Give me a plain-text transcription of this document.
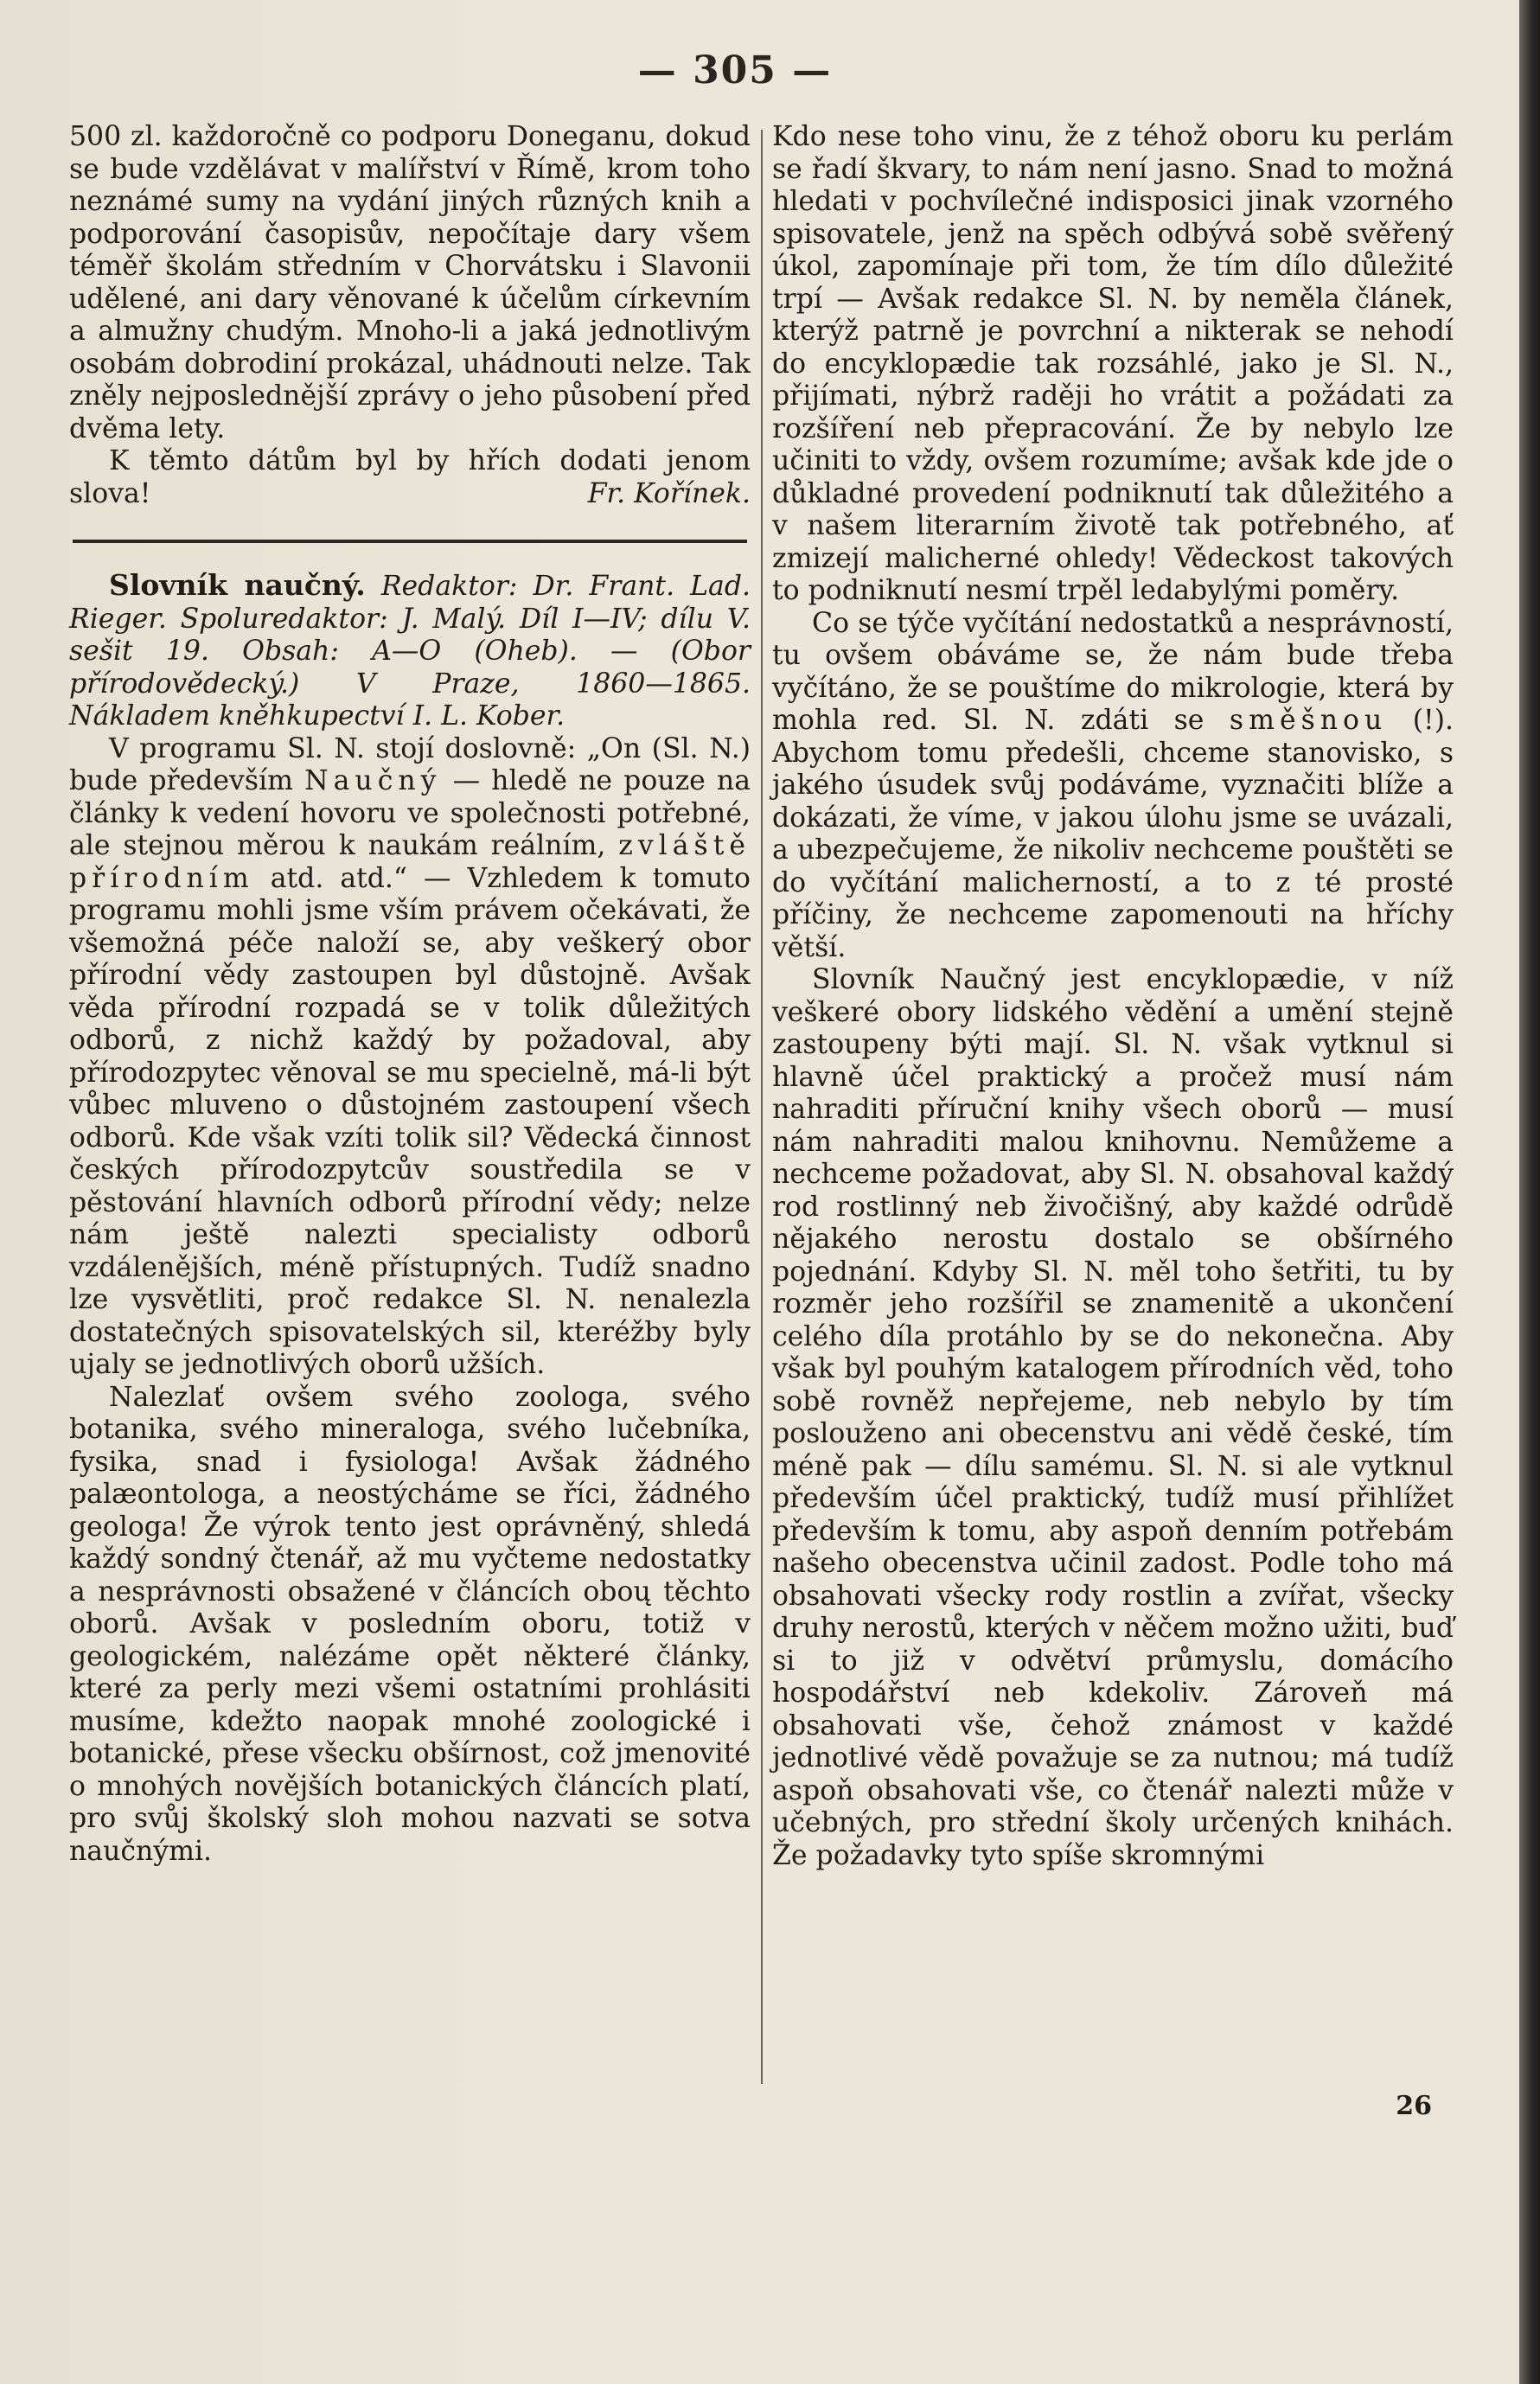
— 305 —

500 zl. každoročně co podporu Doneganu, dokud se bude vzdělávat v malířství v Římě, krom toho neznámé sumy na vydání jiných různých knih a podporování časopisův, nepočítaje dary všem téměř školám středním v Chorvátsku i Slavonii udělené, ani dary věnované k účelům církevním a almužny chudým. Mnoho-li a jaká jednotlivým osobám dobrodiní prokázal, uhádnouti nelze. Tak zněly nejposlednější zprávy o jeho působení před dvěma lety.

K těmto dátům byl by hřích dodati jenom slova!	Fr. Kořínek.

Slovník naučný. Redaktor: Dr. Frant. Lad. Rieger. Spoluredaktor: J. Malý. Díl I—IV; dílu V. sešit 19. Obsah: A—O (Oheb). — (Obor přírodovědecký.) V Praze, 1860—1865. Nákladem kněhkupectví I. L. Kober.

V programu Sl. N. stojí doslovně: „On (Sl. N.) bude především Naučný — hledě ne pouze na články k vedení hovoru ve společnosti potřebné, ale stejnou měrou k naukám reálním, zvláště přírodním atd. atd.“ — Vzhledem k tomuto programu mohli jsme vším právem očekávati, že všemožná péče naloží se, aby veškerý obor přírodní vědy zastoupen byl důstojně. Avšak věda přírodní rozpadá se v tolik důležitých odborů, z nichž každý by požadoval, aby přírodozpytec věnoval se mu specielně, má-li být vůbec mluveno o důstojném zastoupení všech odborů. Kde však vzíti tolik sil? Vědecká činnost českých přírodozpytcův soustředila se v pěstování hlavních odborů přírodní vědy; nelze nám ještě nalezti specialisty odborů vzdálenějších, méně přístupných. Tudíž snadno lze vysvětliti, proč redakce Sl. N. nenalezla dostatečných spisovatelských sil, kteréžby byly ujaly se jednotlivých oborů užších.

Nalezlať ovšem svého zoologa, svého botanika, svého mineraloga, svého lučebníka, fysika, snad i fysiologa! Avšak žádného palæontologa, a neostýcháme se říci, žádného geologa! Že výrok tento jest oprávněný, shledá každý sondný čtenář, až mu vyčteme nedostatky a nesprávnosti obsažené v článcích oboų těchto oborů. Avšak v posledním oboru, totiž v geologickém, nalézáme opět některé články, které za perly mezi všemi ostatními prohlásiti musíme, kdežto naopak mnohé zoologické i botanické, přese všecku obšírnost, což jmenovité o mnohých novějších botanických článcích platí, pro svůj školský sloh mohou nazvati se sotva naučnými.

Kdo nese toho vinu, že z téhož oboru ku perlám se řadí škvary, to nám není jasno. Snad to možná hledati v pochvílečné indisposici jinak vzorného spisovatele, jenž na spěch odbývá sobě svěřený úkol, zapomínaje při tom, že tím dílo důležité trpí — Avšak redakce Sl. N. by neměla článek, kterýž patrně je povrchní a nikterak se nehodí do encyklopædie tak rozsáhlé, jako je Sl. N., přijímati, nýbrž raději ho vrátit a požádati za rozšíření neb přepracování. Že by nebylo lze učiniti to vždy, ovšem rozumíme; avšak kde jde o důkladné provedení podniknutí tak důležitého a v našem literarním životě tak potřebného, ať zmizejí malicherné ohledy! Vědeckost takových to podniknutí nesmí trpěl ledabylými poměry.

Co se týče vyčítání nedostatků a nesprávností, tu ovšem obáváme se, že nám bude třeba vyčítáno, že se pouštíme do mikrologie, která by mohla red. Sl. N. zdáti se směšnou (!). Abychom tomu předešli, chceme stanovisko, s jakého úsudek svůj podáváme, vyznačiti blíže a dokázati, že víme, v jakou úlohu jsme se uvázali, a ubezpečujeme, že nikoliv nechceme pouštěti se do vyčítání malicherností, a to z té prosté příčiny, že nechceme zapomenouti na hříchy větší.

Slovník Naučný jest encyklopædie, v níž veškeré obory lidského vědění a umění stejně zastoupeny býti mají. Sl. N. však vytknul si hlavně účel praktický a pročež musí nám nahraditi příruční knihy všech oborů — musí nám nahraditi malou knihovnu. Nemůžeme a nechceme požadovat, aby Sl. N. obsahoval každý rod rostlinný neb živočišný, aby každé odrůdě nějakého nerostu dostalo se obšírného pojednání. Kdyby Sl. N. měl toho šetřiti, tu by rozměr jeho rozšířil se znamenitě a ukončení celého díla protáhlo by se do nekonečna. Aby však byl pouhým katalogem přírodních věd, toho sobě rovněž nepřejeme, neb nebylo by tím poslouženo ani obecenstvu ani vědě české, tím méně pak — dílu samému. Sl. N. si ale vytknul především účel praktický, tudíž musí přihlížet především k tomu, aby aspoň denním potřebám našeho obecenstva učinil zadost. Podle toho má obsahovati všecky rody rostlin a zvířat, všecky druhy nerostů, kterých v něčem možno užiti, buď si to již v odvětví průmyslu, domácího hospodářství neb kdekoliv. Zároveň má obsahovati vše, čehož známost v každé jednotlivé vědě považuje se za nutnou; má tudíž aspoň obsahovati vše, co čtenář nalezti může v učebných, pro střední školy určených knihách. Že požadavky tyto spíše skromnými

26
